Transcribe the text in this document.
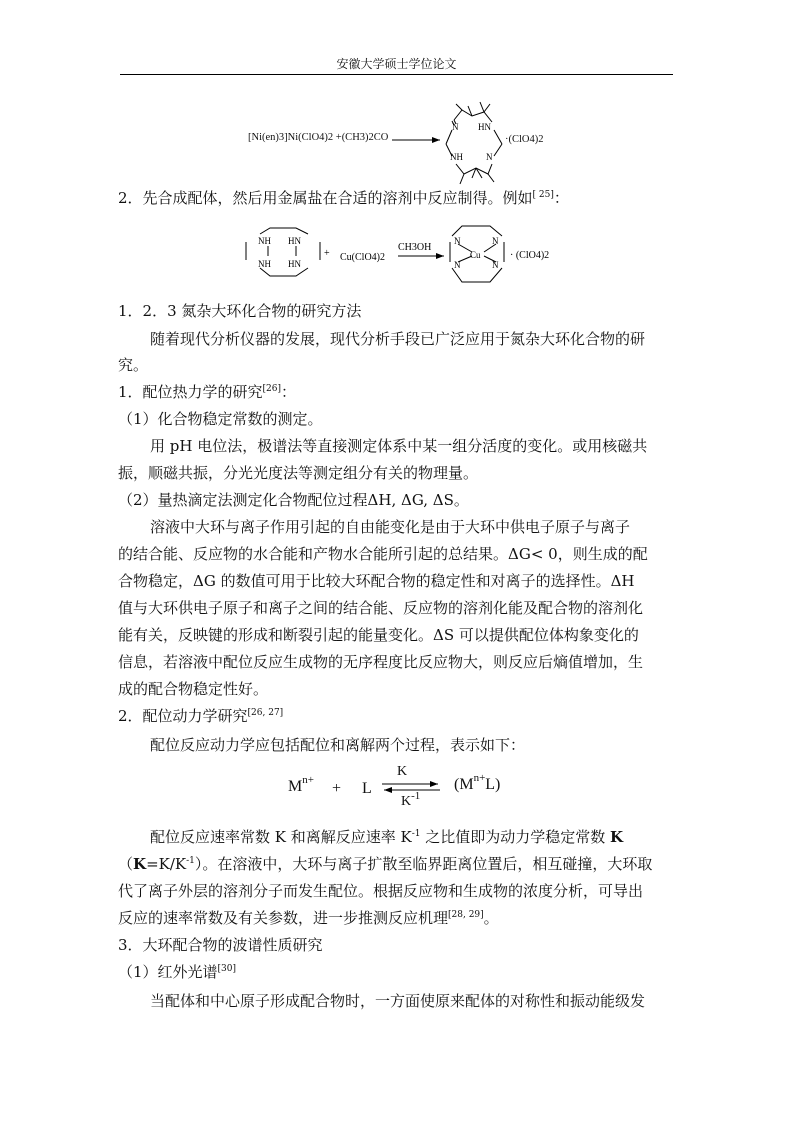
安徽大学硕士学位论文
[Ni(en)3]Ni(ClO4)2 +(CH3)2CO
N HN
NH	N
·(ClO4)2
2．先合成配体，然后用金属盐在合适的溶剂中反应制得。例如[ 25]：
NH HN
NH HN
+ Cu(ClO4)2
CH3OH
N	N
N	N
Cu	· (ClO4)2
1．2．3 氮杂大环化合物的研究方法
随着现代分析仪器的发展，现代分析手段已广泛应用于氮杂大环化合物的研
究。
1．配位热力学的研究[26]：
（1）化合物稳定常数的测定。
用 pH 电位法，极谱法等直接测定体系中某一组分活度的变化。或用核磁共
振，顺磁共振，分光光度法等测定组分有关的物理量。
（2）量热滴定法测定化合物配位过程ΔH, ΔG, ΔS。
溶液中大环与离子作用引起的自由能变化是由于大环中供电子原子与离子
的结合能、反应物的水合能和产物水合能所引起的总结果。ΔG< 0，则生成的配
合物稳定，ΔG 的数值可用于比较大环配合物的稳定性和对离子的选择性。ΔH
值与大环供电子原子和离子之间的结合能、反应物的溶剂化能及配合物的溶剂化
能有关，反映键的形成和断裂引起的能量变化。ΔS 可以提供配位体构象变化的
信息，若溶液中配位反应生成物的无序程度比反应物大，则反应后熵值增加，生
成的配合物稳定性好。
2．配位动力学研究[26, 27]
配位反应动力学应包括配位和离解两个过程，表示如下：
$M^{n+} + L$
K
$K^{-1}$
$(M^{n+}L)$
配位反应速率常数 K 和离解反应速率 $K^{-1}$ 之比值即为动力学稳定常数 K
$(K=K/K^{-1})$。在溶液中，大环与离子扩散至临界距离位置后，相互碰撞，大环取
代了离子外层的溶剂分子而发生配位。根据反应物和生成物的浓度分析，可导出
反应的速率常数及有关参数，进一步推测反应机理[28, 29]。
3．大环配合物的波谱性质研究
（1）红外光谱[30]
当配体和中心原子形成配合物时，一方面使原来配体的对称性和振动能级发
